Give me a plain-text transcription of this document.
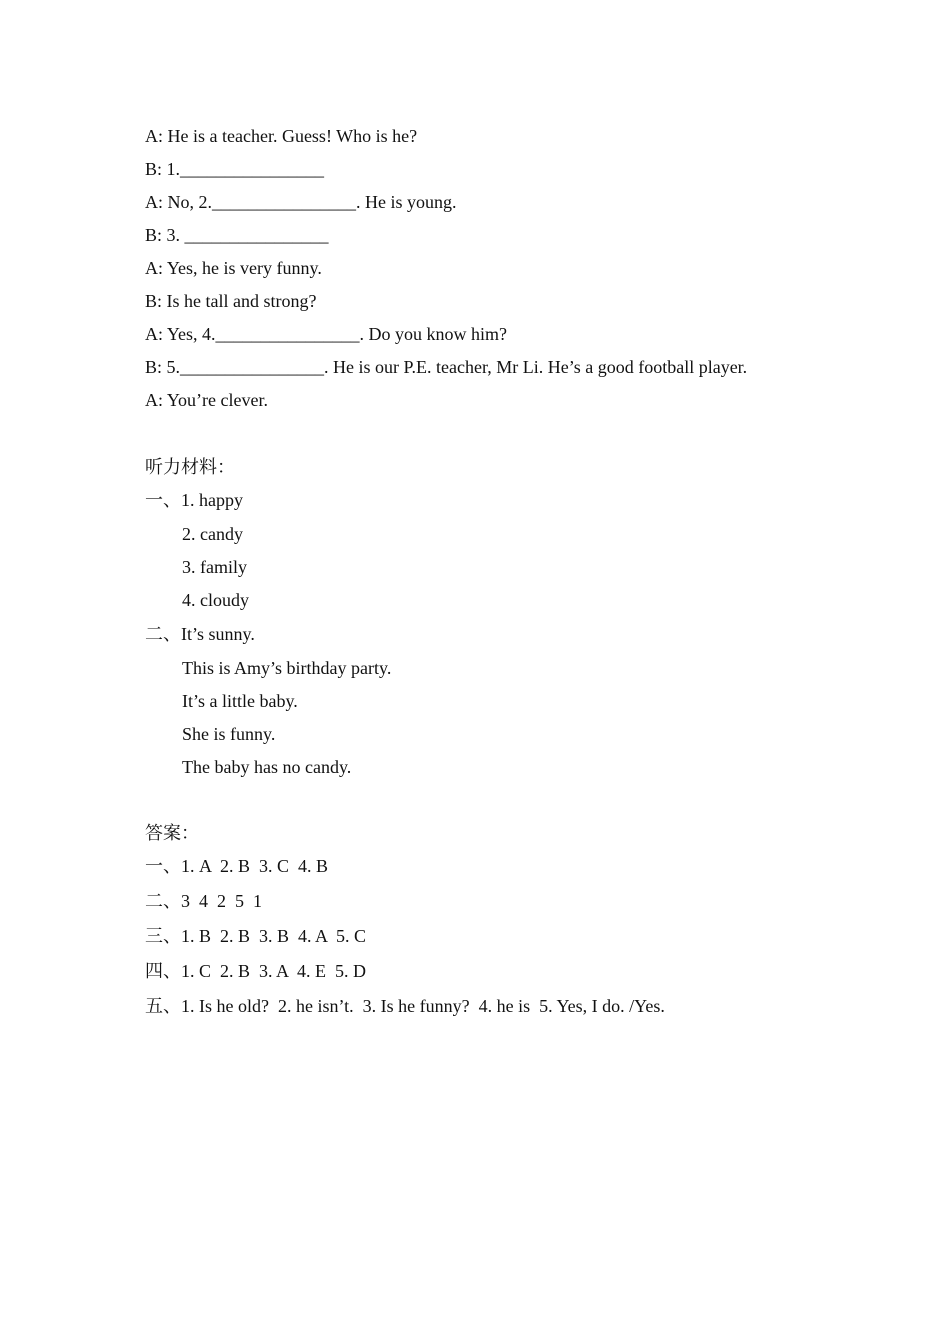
A: He is a teacher. Guess! Who is he?
B: 1.________________
A: No, 2.________________. He is young.
B: 3. ________________
A: Yes, he is very funny.
B: Is he tall and strong?
A: Yes, 4.________________. Do you know him?
B: 5.________________. He is our P.E. teacher, Mr Li. He’s a good football player.
A: You’re clever.
听力材料：
一、1. happy
2. candy
3. family
4. cloudy
二、It’s sunny.
This is Amy’s birthday party.
It’s a little baby.
She is funny.
The baby has no candy.
答案：
一、1. A  2. B  3. C  4. B
二、3  4  2  5  1
三、1. B  2. B  3. B  4. A  5. C
四、1. C  2. B  3. A  4. E  5. D
五、1. Is he old?  2. he isn’t.  3. Is he funny?  4. he is  5. Yes, I do. /Yes.
